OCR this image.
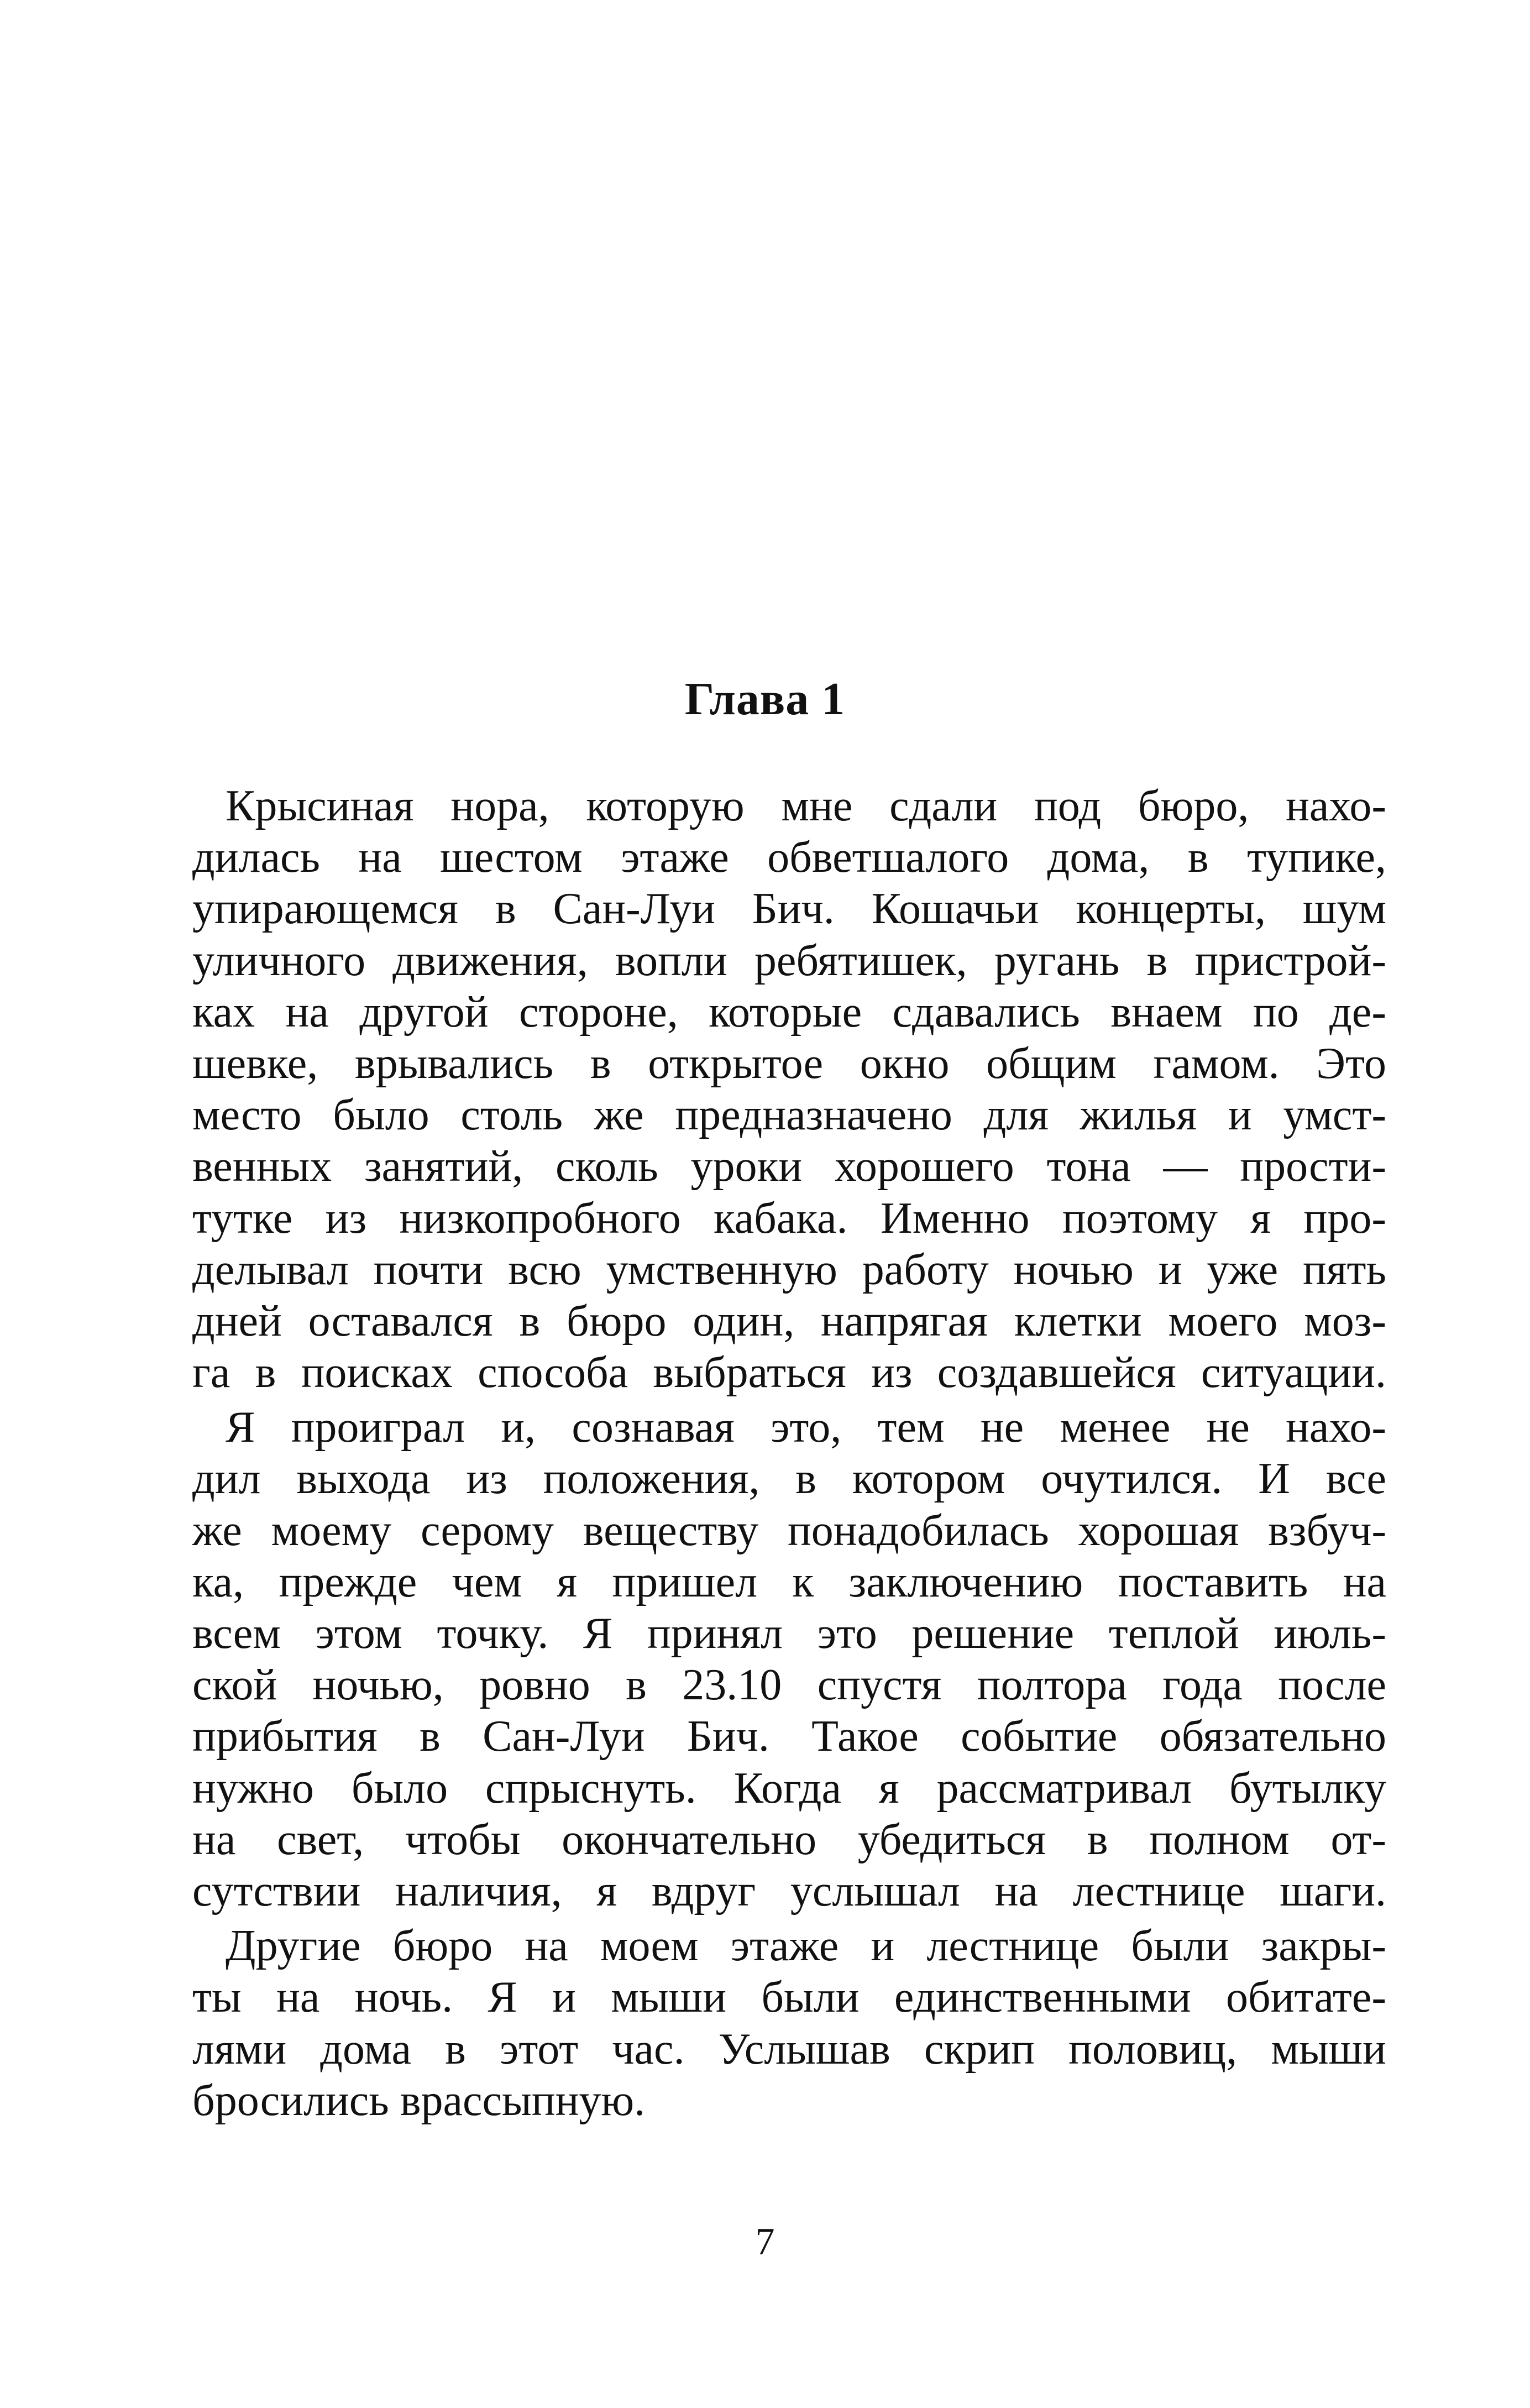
Глава 1
Крысиная нора, которую мне сдали под бюро, нахо-
дилась на шестом этаже обветшалого дома, в тупике,
упирающемся в Сан-Луи Бич. Кошачьи концерты, шум
уличного движения, вопли ребятишек, ругань в пристрой-
ках на другой стороне, которые сдавались внаем по де-
шевке, врывались в открытое окно общим гамом. Это
место было столь же предназначено для жилья и умст-
венных занятий, сколь уроки хорошего тона — прости-
тутке из низкопробного кабака. Именно поэтому я про-
делывал почти всю умственную работу ночью и уже пять
дней оставался в бюро один, напрягая клетки моего моз-
га в поисках способа выбраться из создавшейся ситуации.
Я проиграл и, сознавая это, тем не менее не нахо-
дил выхода из положения, в котором очутился. И все
же моему серому веществу понадобилась хорошая взбуч-
ка, прежде чем я пришел к заключению поставить на
всем этом точку. Я принял это решение теплой июль-
ской ночью, ровно в 23.10 спустя полтора года после
прибытия в Сан-Луи Бич. Такое событие обязательно
нужно было спрыснуть. Когда я рассматривал бутылку
на свет, чтобы окончательно убедиться в полном от-
сутствии наличия, я вдруг услышал на лестнице шаги.
Другие бюро на моем этаже и лестнице были закры-
ты на ночь. Я и мыши были единственными обитате-
лями дома в этот час. Услышав скрип половиц, мыши
бросились врассыпную.
7
